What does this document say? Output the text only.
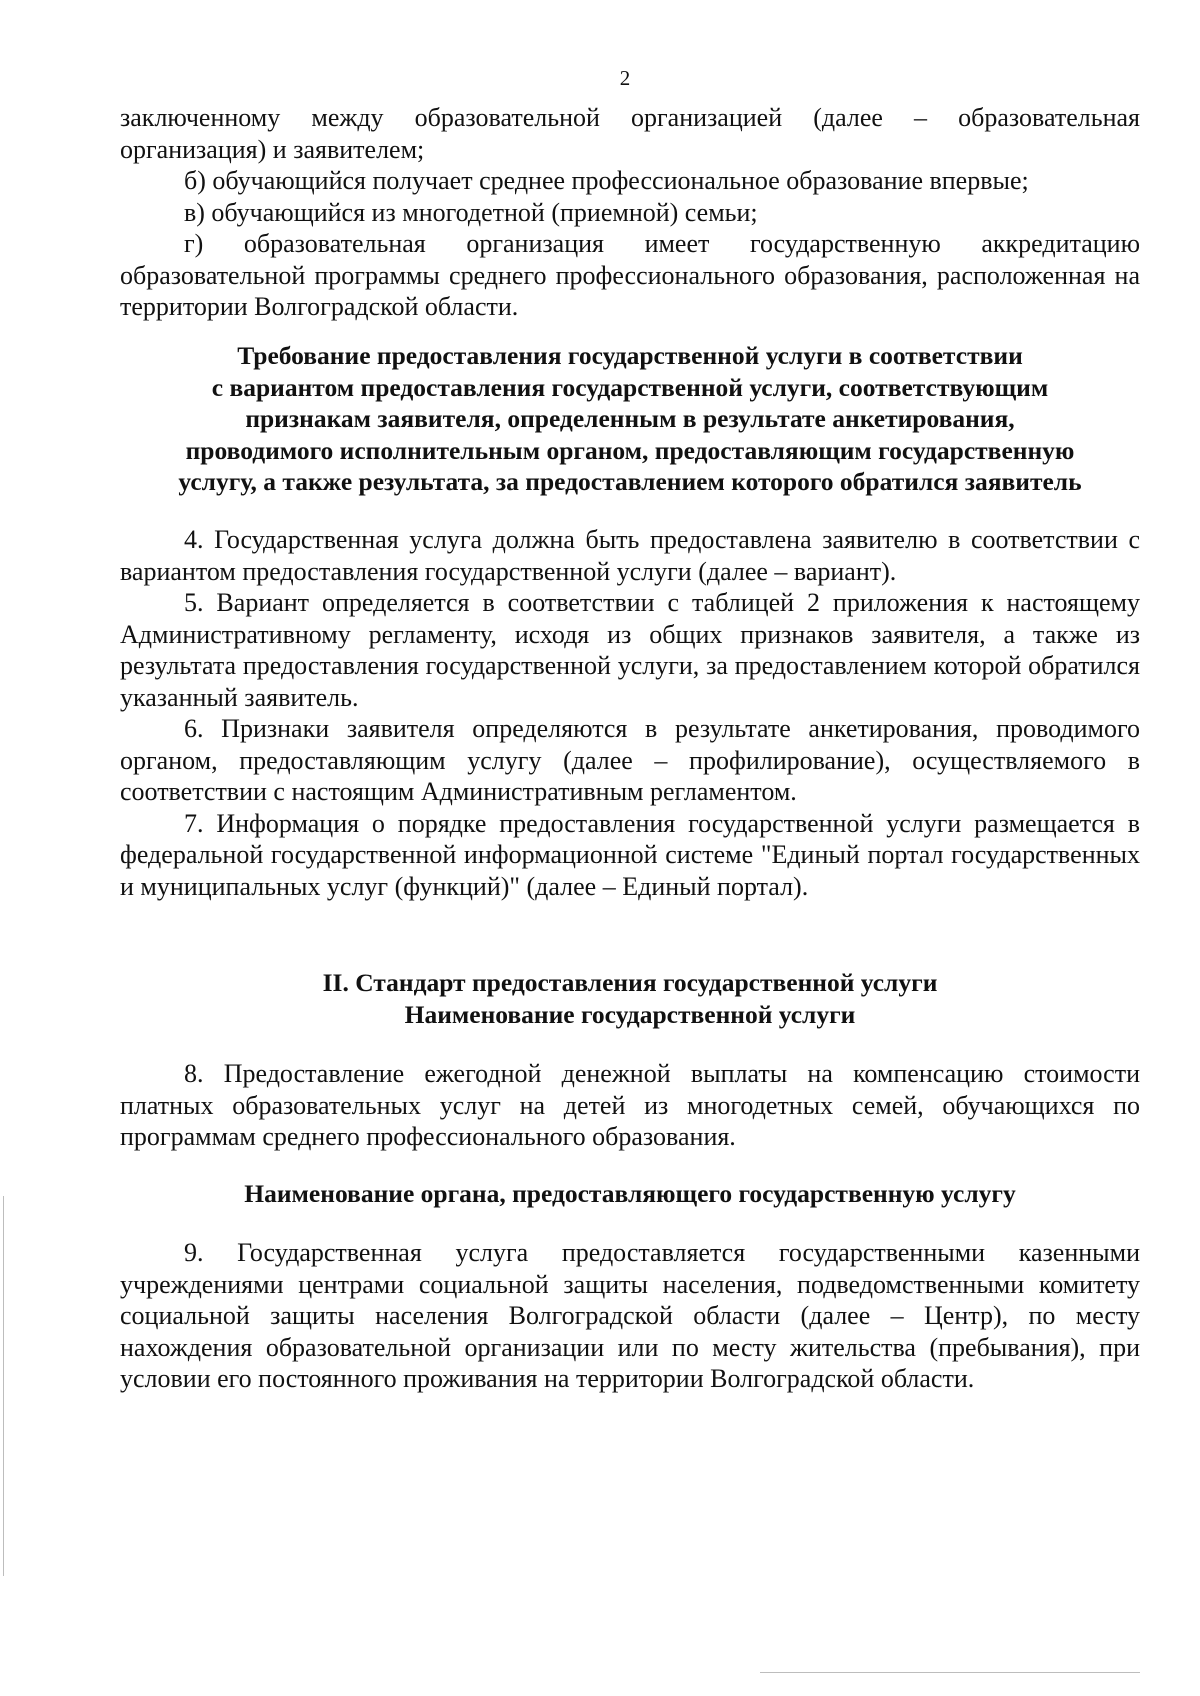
2

заключенному между образовательной организацией (далее – образовательная организация) и заявителем;

б) обучающийся получает среднее профессиональное образование впервые;

в) обучающийся из многодетной (приемной) семьи;

г) образовательная организация имеет государственную аккредитацию образовательной программы среднего профессионального образования, расположенная на территории Волгоградской области.

Требование предоставления государственной услуги в соответствии
с вариантом предоставления государственной услуги, соответствующим
признакам заявителя, определенным в результате анкетирования,
проводимого исполнительным органом, предоставляющим государственную
услугу, а также результата, за предоставлением которого обратился заявитель

4. Государственная услуга должна быть предоставлена заявителю в соответствии с вариантом предоставления государственной услуги (далее – вариант).

5. Вариант определяется в соответствии с таблицей 2 приложения к настоящему Административному регламенту, исходя из общих признаков заявителя, а также из результата предоставления государственной услуги, за предоставлением которой обратился указанный заявитель.

6. Признаки заявителя определяются в результате анкетирования, проводимого органом, предоставляющим услугу (далее – профилирование), осуществляемого в соответствии с настоящим Административным регламентом.

7. Информация о порядке предоставления государственной услуги размещается в федеральной государственной информационной системе "Единый портал государственных и муниципальных услуг (функций)" (далее – Единый портал).

II. Стандарт предоставления государственной услуги
Наименование государственной услуги

8. Предоставление ежегодной денежной выплаты на компенсацию стоимости платных образовательных услуг на детей из многодетных семей, обучающихся по программам среднего профессионального образования.

Наименование органа, предоставляющего государственную услугу

9. Государственная услуга предоставляется государственными казенными учреждениями центрами социальной защиты населения, подведомственными комитету социальной защиты населения Волгоградской области (далее – Центр), по месту нахождения образовательной организации или по месту жительства (пребывания), при условии его постоянного проживания на территории Волгоградской области.
